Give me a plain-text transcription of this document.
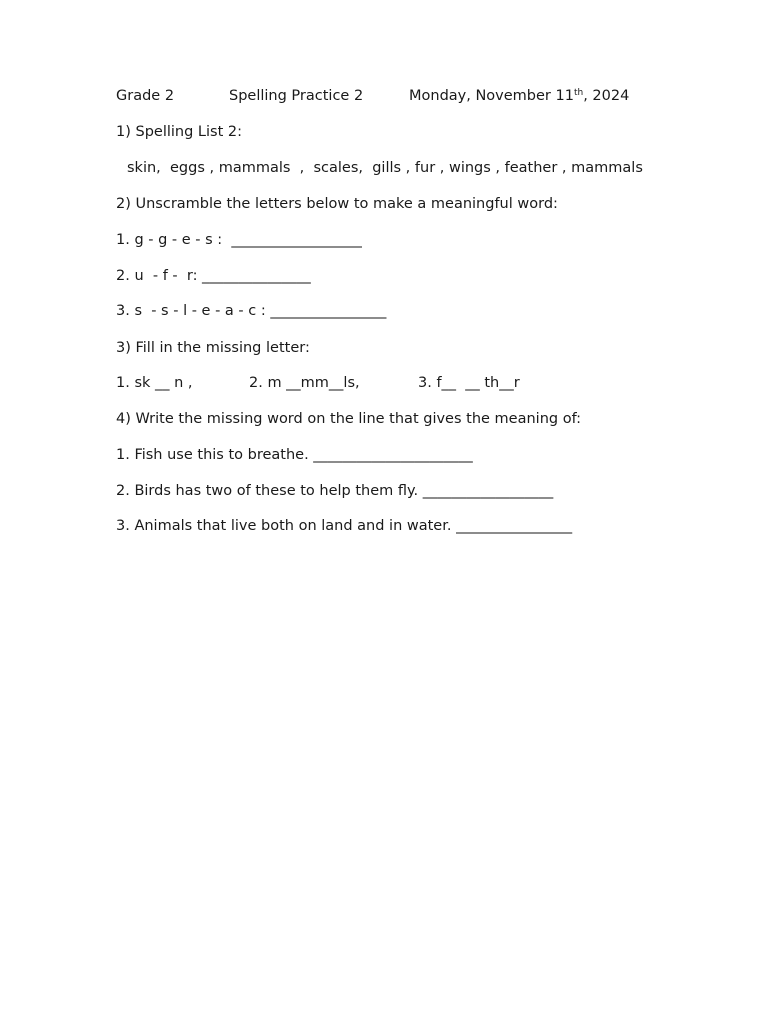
Grade 2

	Spelling Practice 2

	Monday, November 11th, 2024

1) Spelling List 2:
skin,  eggs , mammals  ,  scales,  gills , fur , wings , feather , mammals
2) Unscramble the letters below to make a meaningful word:
1. g - g - e - s :  __________________
2. u  - f -  r: _______________
3. s  - s - l - e - a - c : ________________
3) Fill in the missing letter:

1. sk __ n ,

	2. m __mm__ls,

	3. f__  __ th__r

4) Write the missing word on the line that gives the meaning of:
1. Fish use this to breathe. ______________________
2. Birds has two of these to help them fly. __________________
3. Animals that live both on land and in water. ________________
